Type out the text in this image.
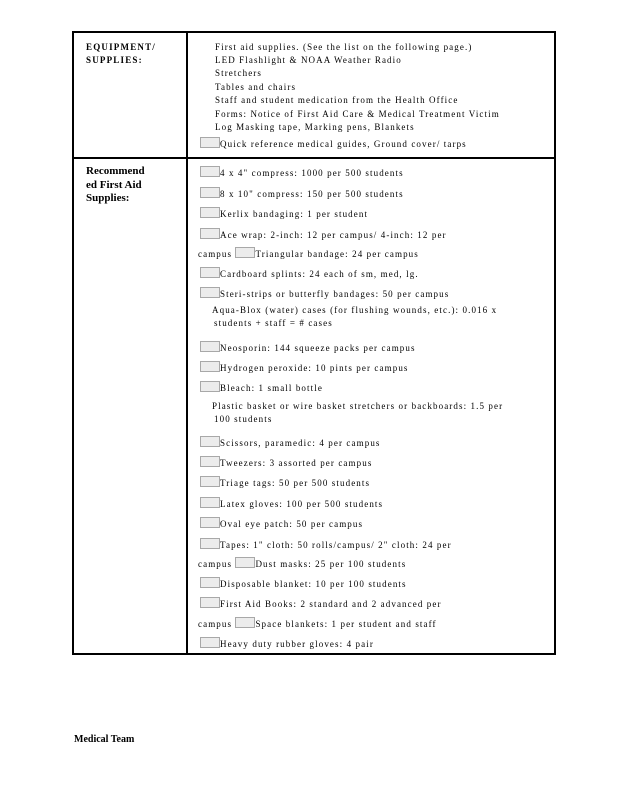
EQUIPMENT/
SUPPLIES:
First aid supplies. (See the list on the following page.)
LED Flashlight & NOAA Weather Radio
Stretchers
Tables and chairs
Staff and student medication from the Health Office
Forms: Notice of First Aid Care & Medical Treatment Victim
Log Masking tape, Marking pens, Blankets
Quick reference medical guides, Ground cover/ tarps
Recommend
ed First Aid
Supplies:
4 x 4" compress: 1000 per 500 students
8 x 10" compress: 150 per 500 students
Kerlix bandaging: 1 per student
Ace wrap: 2-inch: 12 per campus/ 4-inch: 12 per
campus	Triangular bandage: 24 per campus
Cardboard splints: 24 each of sm, med, lg.
Steri-strips or butterfly bandages: 50 per campus
Aqua-Blox (water) cases (for flushing wounds, etc.): 0.016 x
students + staff = # cases
Neosporin: 144 squeeze packs per campus
Hydrogen peroxide: 10 pints per campus
Bleach: 1 small bottle
Plastic basket or wire basket stretchers or backboards: 1.5 per
100 students
Scissors, paramedic: 4 per campus
Tweezers: 3 assorted per campus
Triage tags: 50 per 500 students
Latex gloves: 100 per 500 students
Oval eye patch: 50 per campus
Tapes: 1" cloth: 50 rolls/campus/ 2" cloth: 24 per
campus	Dust masks: 25 per 100 students
Disposable blanket: 10 per 100 students
First Aid Books: 2 standard and 2 advanced per
campus	Space blankets: 1 per student and staff
Heavy duty rubber gloves: 4 pair
Medical Team
